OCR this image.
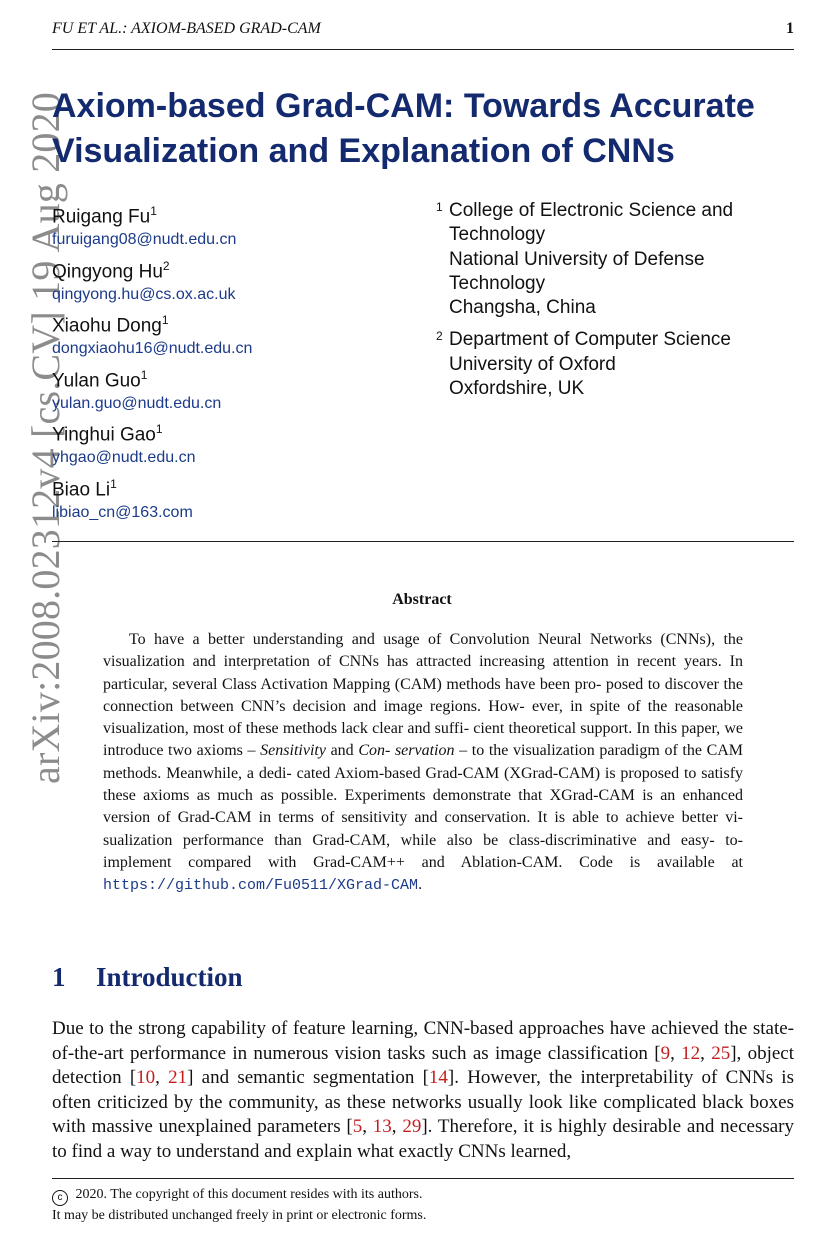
FU ET AL.: AXIOM-BASED GRAD-CAM	1
arXiv:2008.02312v4 [cs.CV] 19 Aug 2020
Axiom-based Grad-CAM: Towards Accurate
Visualization and Explanation of CNNs
Ruigang Fu$^1$
furuigang08@nudt.edu.cn
Qingyong Hu$^2$
qingyong.hu@cs.ox.ac.uk
Xiaohu Dong$^1$
dongxiaohu16@nudt.edu.cn
Yulan Guo$^1$
yulan.guo@nudt.edu.cn
Yinghui Gao$^1$
yhgao@nudt.edu.cn
Biao Li$^1$
libiao_cn@163.com
1 College of Electronic Science and
Technology
National University of Defense
Technology
Changsha, China
2 Department of Computer Science
University of Oxford
Oxfordshire, UK
Abstract

To have a better understanding and usage of Convolution Neural Networks (CNNs), the visualization and interpretation of CNNs has attracted increasing attention in recent years. In particular, several Class Activation Mapping (CAM) methods have been pro- posed to discover the connection between CNN’s decision and image regions. How- ever, in spite of the reasonable visualization, most of these methods lack clear and suffi- cient theoretical support. In this paper, we introduce two axioms – Sensitivity and Con- servation – to the visualization paradigm of the CAM methods. Meanwhile, a dedi- cated Axiom-based Grad-CAM (XGrad-CAM) is proposed to satisfy these axioms as much as possible. Experiments demonstrate that XGrad-CAM is an enhanced version of Grad-CAM in terms of sensitivity and conservation. It is able to achieve better vi- sualization performance than Grad-CAM, while also be class-discriminative and easy- to-implement compared with Grad-CAM++ and Ablation-CAM. Code is available at https://github.com/Fu0511/XGrad-CAM.

1 Introduction

Due to the strong capability of feature learning, CNN-based approaches have achieved the state-of-the-art performance in numerous vision tasks such as image classification [9, 12, 25], object detection [10, 21] and semantic segmentation [14]. However, the interpretability of CNNs is often criticized by the community, as these networks usually look like complicated black boxes with massive unexplained parameters [5, 13, 29]. Therefore, it is highly desirable and necessary to find a way to understand and explain what exactly CNNs learned,

c 2020. The copyright of this document resides with its authors.
It may be distributed unchanged freely in print or electronic forms.
